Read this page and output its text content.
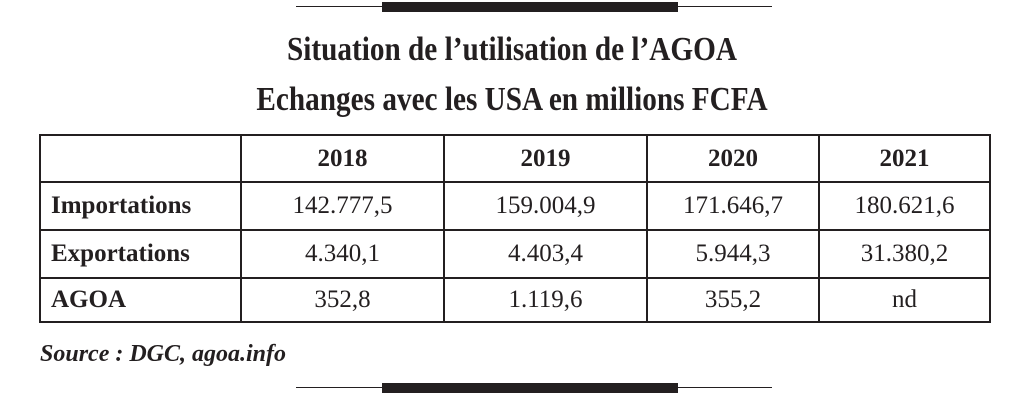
Situation de l’utilisation de l’AGOA
Echanges avec les USA en millions FCFA
	2018	2019	2020	2021
Importations	142.777,5	159.004,9	171.646,7	180.621,6
Exportations	4.340,1	4.403,4	5.944,3	31.380,2
AGOA	352,8	1.119,6	355,2	nd
Source : DGC, agoa.info
